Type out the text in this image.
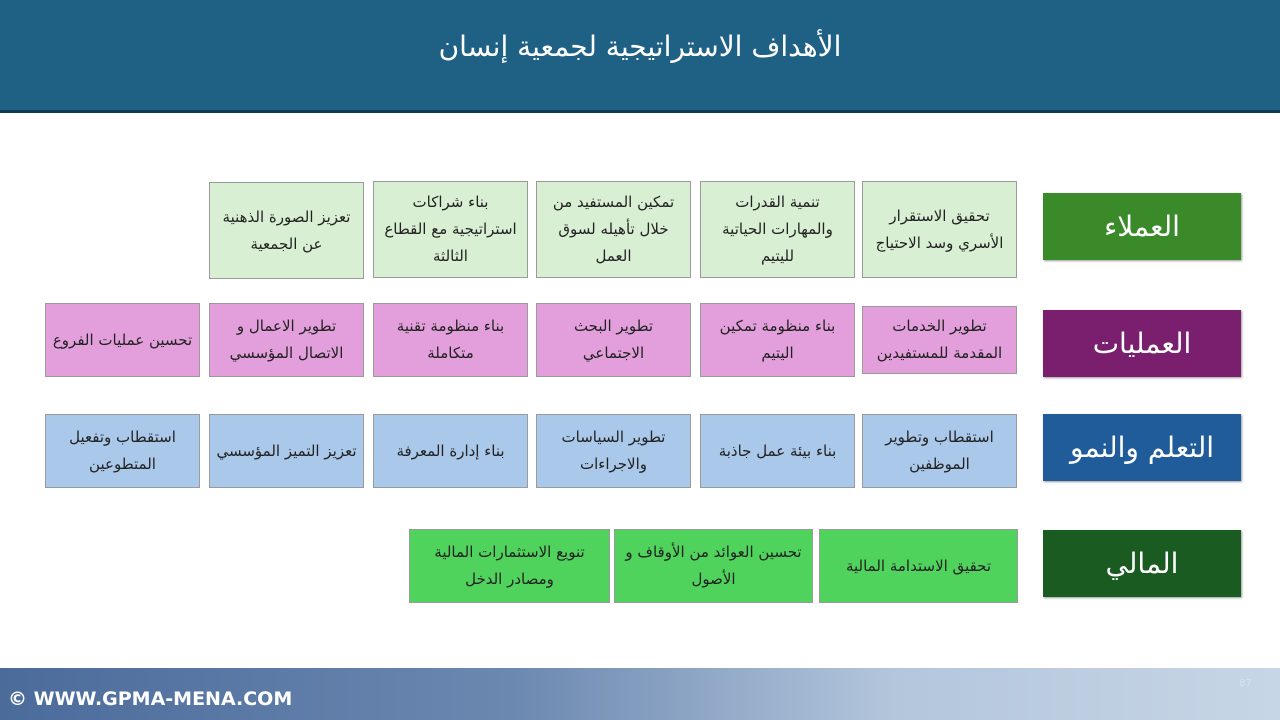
الأهداف الاستراتيجية لجمعية إنسان
العملاء
العمليات
التعلم والنمو
المالي
تحقيق الاستقرار الأسري وسد الاحتياج
تنمية القدرات والمهارات الحياتية لليتيم
تمكين المستفيد من خلال تأهيله لسوق العمل
بناء شراكات استراتيجية مع القطاع الثالثة
تعزيز الصورة الذهنية عن الجمعية
تطوير الخدمات المقدمة للمستفيدين
بناء منظومة تمكين اليتيم
تطوير البحث الاجتماعي
بناء منظومة تقنية متكاملة
تطوير الاعمال و الاتصال المؤسسي
تحسين عمليات الفروع
استقطاب وتطوير الموظفين
بناء بيئة عمل جاذبة
تطوير السياسات والاجراءات
بناء إدارة المعرفة
تعزيز التميز المؤسسي
استقطاب وتفعيل المتطوعين
تحقيق الاستدامة المالية
تحسين العوائد من الأوقاف و الأصول
تنويع الاستثمارات المالية ومصادر الدخل
© WWW.GPMA-MENA.COM
87
